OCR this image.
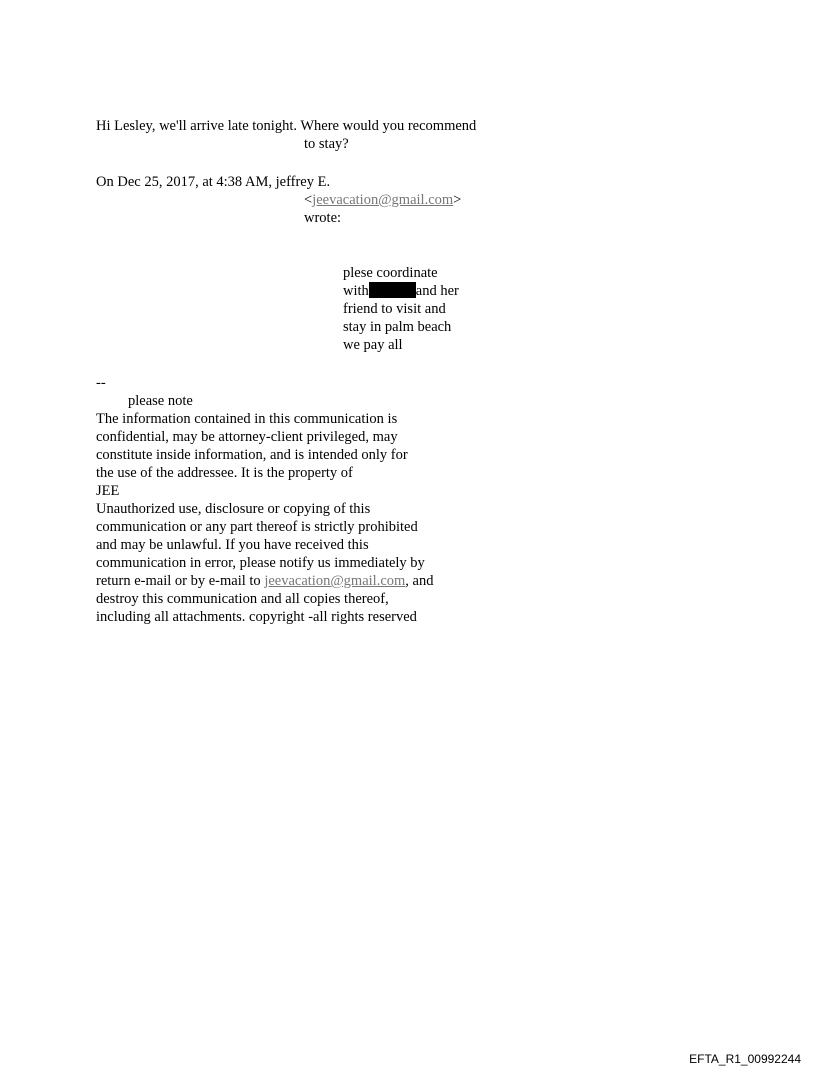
Hi Lesley, we'll arrive late tonight. Where would you recommend

to stay?

On Dec 25, 2017, at 4:38 AM, jeffrey E.

<jeevacation@gmail.com>

wrote:

plese coordinate

with	and her

friend to visit and

stay in palm beach

we pay all

--

please note

The information contained in this communication is
confidential, may be attorney-client privileged, may
constitute inside information, and is intended only for
the use of the addressee. It is the property of
JEE
Unauthorized use, disclosure or copying of this
communication or any part thereof is strictly prohibited
and may be unlawful. If you have received this
communication in error, please notify us immediately by
return e-mail or by e-mail to jeevacation@gmail.com, and
destroy this communication and all copies thereof,
including all attachments. copyright -all rights reserved
EFTA_R1_00992244
